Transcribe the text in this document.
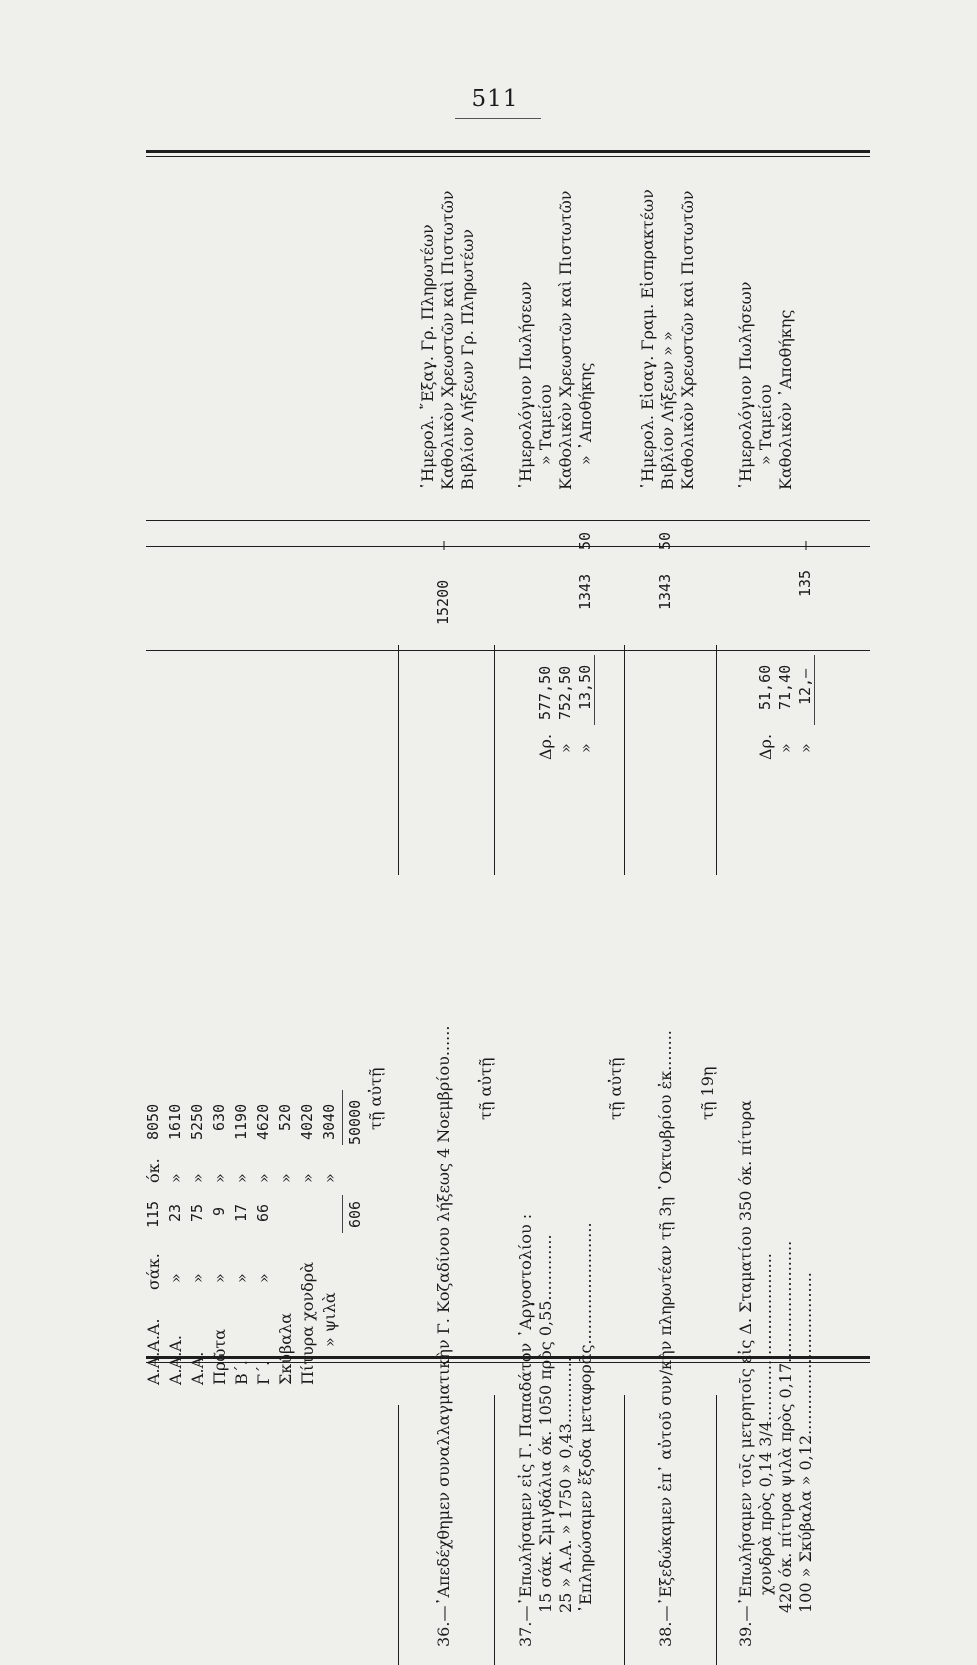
511
Α.Α.Α.Α.
σάκ.
115
όκ.
8050
Α.Α.Α.
»
23
»
1610
Α.Α.
»
75
»
5250
Πρῶτα
»
9
»
630
Β΄.
»
17
»
1190
Γ΄.
»
66
»
4620
Σκύβαλα
»
520
Πίτυρα χονδρὰ
»
4020
» ψιλὰ
»
3040
606
50000 τῇ αὐτῇ	36.—᾿Απεδέχθημεν συναλλαγματικὴν Γ. Κοζαδίνου λήξεως 4 Νοεμβρίου......
15200
—
῾Ημερολ. ῎Εξαγ. Γρ. Πληρωτέων Καθολικὸν Χρεωστῶν καὶ Πιστωτῶν Βιβλίον Λήξεων Γρ. Πληρωτέων
τῇ αὐτῇ
37.—᾿Επωλήσαμεν εἰς Γ. Παπαδάτον ᾿Αργοστολίου : 15 σάκ. Σμιγδάλια όκ. 1050 πρὸς 0,55............. 25 » Α.Α. » 1750 » 0,43............. ᾿Επληρώσαμεν ἔξοδα μεταφορᾶς........................
Δρ.
577,50
»
752,50
»
13,50
1343
50
῾Ημερολόγιον Πωλήσεων » Ταμείου Καθολικὸν Χρεωστῶν καὶ Πιστωτῶν » ᾿Αποθήκης
τῇ αὐτῇ 38.—᾿Εξεδώκαμεν ἐπ᾿ αὐτοῦ συν/κὴν πληρωτέαν τῇ 3ῃ ᾿Οκτωβρίου ἐκ........
1343
50
῾Ημερολ. Εἰσαγ. Γραμ. Εἰσπρακτέων Βιβλίον Λήξεων » » Καθολικὸν Χρεωστῶν καὶ Πιστωτῶν
τῇ 19ῃ
39.—᾿Επωλήσαμεν τοῖς μετρητοῖς εἰς Δ. Σταματίου 350 όκ. πίτυρα χονδρὰ πρὸς 0,14 3/4................................. 420 όκ. πίτυρα ψιλὰ πρὸς 0,17........................ 100 » Σκύβαλα » 0,12................................
Δρ.
51,60
»
71,40
»
12,—
135
—
῾Ημερολόγιον Πωλήσεων » Ταμείου Καθολικὸν ᾿Αποθήκης
